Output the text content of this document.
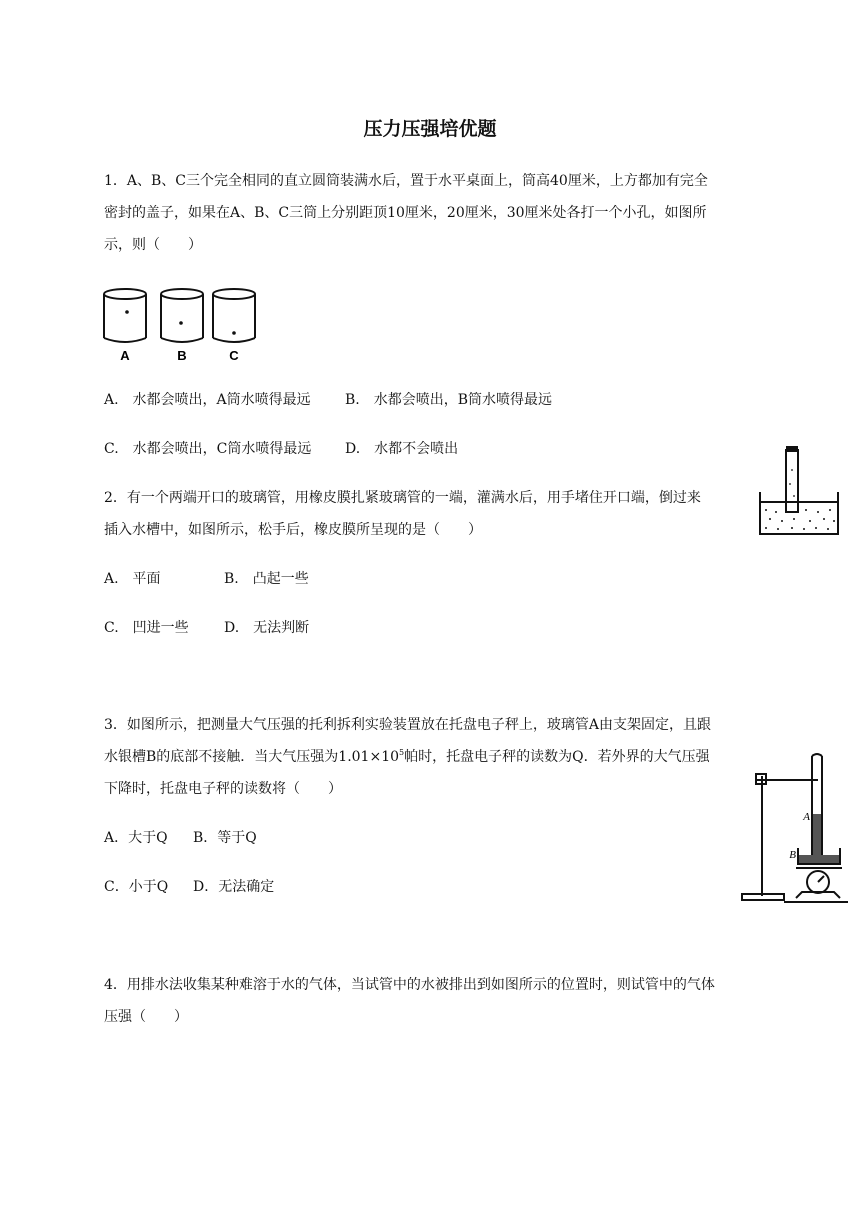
压力压强培优题
1．A、B、C三个完全相同的直立圆筒装满水后，置于水平桌面上，筒高40厘米，上方都加有完全
密封的盖子，如果在A、B、C三筒上分别距顶10厘米，20厘米，30厘米处各打一个小孔，如图所
示，则（　　）
A	B	C
A.　水都会喷出，A筒水喷得最远 B.　水都会喷出，B筒水喷得最远
C.　水都会喷出，C筒水喷得最远 D.　水都不会喷出
2．有一个两端开口的玻璃管，用橡皮膜扎紧玻璃管的一端，灌满水后，用手堵住开口端，倒过来
插入水槽中，如图所示，松手后，橡皮膜所呈现的是（　　）
A.　平面	B.　凸起一些
C.　凹进一些	D.　无法判断
3．如图所示，把测量大气压强的托利拆利实验装置放在托盘电子秤上，玻璃管A由支架固定，且跟
水银槽B的底部不接触．当大气压强为$1.01\times 10^5$帕时，托盘电子秤的读数为Q．若外界的大气压强
下降时，托盘电子秤的读数将（　　）
A．大于Q B．等于Q
C．小于Q D．无法确定
A
B
4．用排水法收集某种难溶于水的气体，当试管中的水被排出到如图所示的位置时，则试管中的气体
压强（　　）
